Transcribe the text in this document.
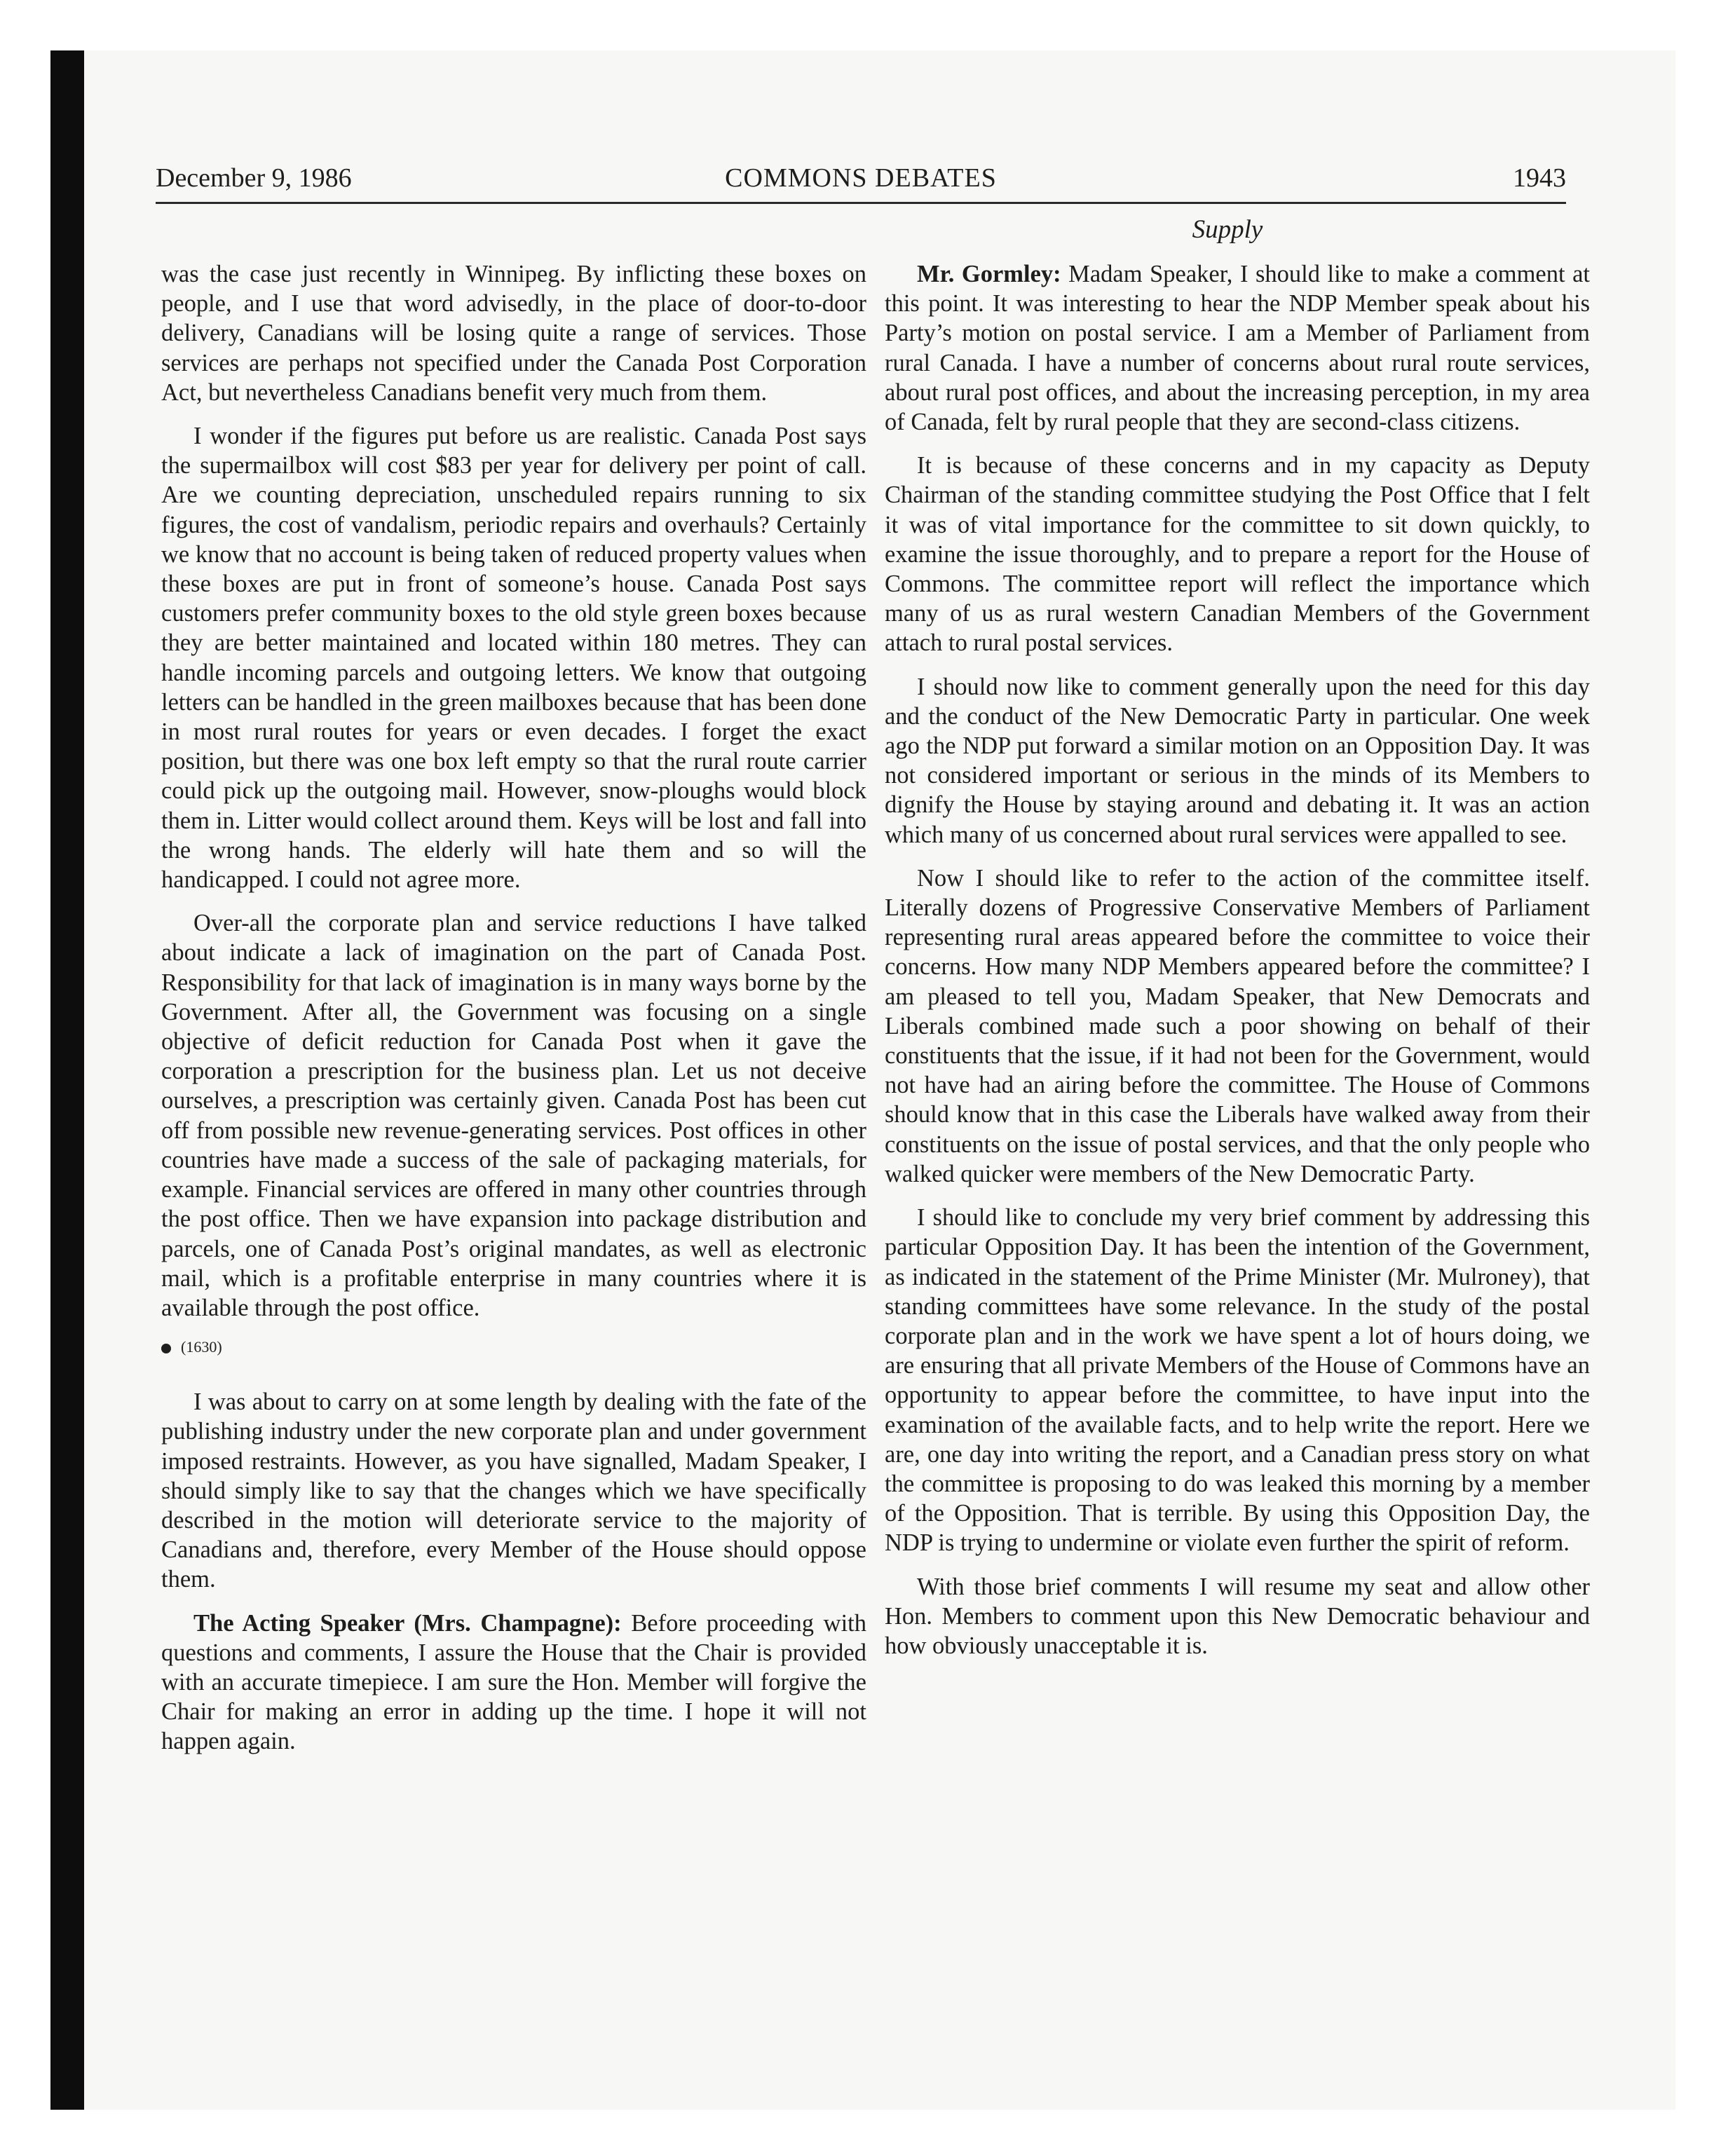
December 9, 1986	COMMONS DEBATES	1943
Supply

was the case just recently in Winnipeg. By inflicting these boxes on people, and I use that word advisedly, in the place of door-to-door delivery, Canadians will be losing quite a range of services. Those services are perhaps not specified under the Canada Post Corporation Act, but nevertheless Canadians benefit very much from them.

I wonder if the figures put before us are realistic. Canada Post says the supermailbox will cost $83 per year for delivery per point of call. Are we counting depreciation, unscheduled repairs running to six figures, the cost of vandalism, periodic repairs and overhauls? Certainly we know that no account is being taken of reduced property values when these boxes are put in front of someone’s house. Canada Post says customers prefer community boxes to the old style green boxes because they are better maintained and located within 180 metres. They can handle incoming parcels and outgoing letters. We know that outgoing letters can be handled in the green mailboxes because that has been done in most rural routes for years or even decades. I forget the exact position, but there was one box left empty so that the rural route carrier could pick up the outgoing mail. However, snow-ploughs would block them in. Litter would collect around them. Keys will be lost and fall into the wrong hands. The elderly will hate them and so will the handicapped. I could not agree more.

Over-all the corporate plan and service reductions I have talked about indicate a lack of imagination on the part of Canada Post. Responsibility for that lack of imagination is in many ways borne by the Government. After all, the Government was focusing on a single objective of deficit reduction for Canada Post when it gave the corporation a prescription for the business plan. Let us not deceive ourselves, a prescription was certainly given. Canada Post has been cut off from possible new revenue-generating services. Post offices in other countries have made a success of the sale of packaging materials, for example. Financial services are offered in many other countries through the post office. Then we have expansion into package distribution and parcels, one of Canada Post’s original mandates, as well as electronic mail, which is a profitable enterprise in many countries where it is available through the post office.

(1630)

I was about to carry on at some length by dealing with the fate of the publishing industry under the new corporate plan and under government imposed restraints. However, as you have signalled, Madam Speaker, I should simply like to say that the changes which we have specifically described in the motion will deteriorate service to the majority of Canadians and, therefore, every Member of the House should oppose them.

The Acting Speaker (Mrs. Champagne): Before proceeding with questions and comments, I assure the House that the Chair is provided with an accurate timepiece. I am sure the Hon. Member will forgive the Chair for making an error in adding up the time. I hope it will not happen again.

Mr. Gormley: Madam Speaker, I should like to make a comment at this point. It was interesting to hear the NDP Member speak about his Party’s motion on postal service. I am a Member of Parliament from rural Canada. I have a number of concerns about rural route services, about rural post offices, and about the increasing perception, in my area of Canada, felt by rural people that they are second-class citizens.

It is because of these concerns and in my capacity as Deputy Chairman of the standing committee studying the Post Office that I felt it was of vital importance for the committee to sit down quickly, to examine the issue thoroughly, and to prepare a report for the House of Commons. The committee report will reflect the importance which many of us as rural western Canadian Members of the Government attach to rural postal services.

I should now like to comment generally upon the need for this day and the conduct of the New Democratic Party in particular. One week ago the NDP put forward a similar motion on an Opposition Day. It was not considered important or serious in the minds of its Members to dignify the House by staying around and debating it. It was an action which many of us concerned about rural services were appalled to see.

Now I should like to refer to the action of the committee itself. Literally dozens of Progressive Conservative Members of Parliament representing rural areas appeared before the committee to voice their concerns. How many NDP Members appeared before the committee? I am pleased to tell you, Madam Speaker, that New Democrats and Liberals combined made such a poor showing on behalf of their constituents that the issue, if it had not been for the Government, would not have had an airing before the committee. The House of Commons should know that in this case the Liberals have walked away from their constituents on the issue of postal services, and that the only people who walked quicker were members of the New Democratic Party.

I should like to conclude my very brief comment by addressing this particular Opposition Day. It has been the intention of the Government, as indicated in the statement of the Prime Minister (Mr. Mulroney), that standing committees have some relevance. In the study of the postal corporate plan and in the work we have spent a lot of hours doing, we are ensuring that all private Members of the House of Commons have an opportunity to appear before the committee, to have input into the examination of the available facts, and to help write the report. Here we are, one day into writing the report, and a Canadian press story on what the committee is proposing to do was leaked this morning by a member of the Opposition. That is terrible. By using this Opposition Day, the NDP is trying to undermine or violate even further the spirit of reform.

With those brief comments I will resume my seat and allow other Hon. Members to comment upon this New Democratic behaviour and how obviously unacceptable it is.
